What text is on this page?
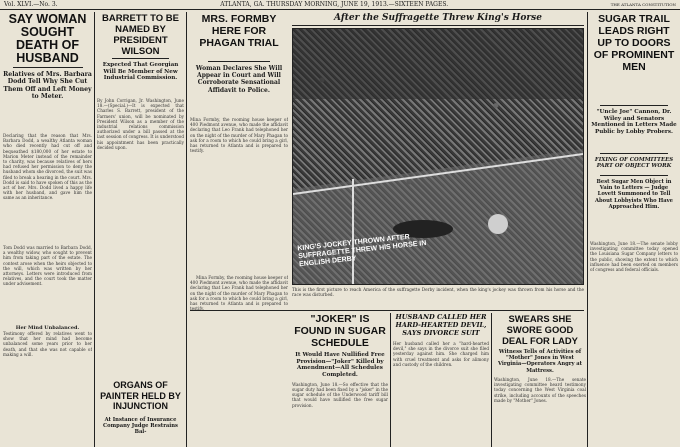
Vol. XLVI.—No. 3.	ATLANTA, GA. THURSDAY MORNING, JUNE 19, 1913.—SIXTEEN PAGES.	THE ATLANTA CONSTITUTION
SAY WOMAN SOUGHT DEATH OF HUSBAND
Relatives of Mrs. Barbara Dodd Tell Why She Cut Them Off and Left Money to Meter.
Declaring that the reason that Mrs. Barbara Dodd, a wealthy Atlanta woman who died recently had cut off and bequeathed $180,000 of her estate to Marion Meter instead of the remainder to charity, was because relatives of hers had refused her permission to deny the husband whom she divorced, the suit was filed to break a hearing in the court. Mrs. Dodd is said to have spoken of this as the act of her. Mrs. Dodd lived a happy life with her husband, and gave him the same as an inheritance.
Tom Dodd was married to Barbara Dodd, a wealthy widow, who sought to prevent him from taking part of the estate. The contest arose when the heirs objected to the will, which was written by her attorneys. Letters were introduced from relatives, and the court took the matter under advisement.
Her Mind Unbalanced.
Testimony offered by relatives went to show that her mind had become unbalanced some years prior to her death, and that she was not capable of making a will.
BARRETT TO BE NAMED BY PRESIDENT WILSON
Expected That Georgian Will Be Member of New Industrial Commission.
By John Corrigan, Jr. Washington, June 18.—(Special.)—It is expected that Charles S. Barrett, president of the Farmers' union, will be nominated by President Wilson as a member of the industrial relations commission authorized under a bill passed at the last session of congress. It is understood his appointment has been practically decided upon.
ORGANS OF PAINTER HELD BY INJUNCTION
At Instance of Insurance Company Judge Restrains Bal-
MRS. FORMBY HERE FOR PHAGAN TRIAL
Woman Declares She Will Appear in Court and Will Corroborate Sensational Affidavit to Police.
Mina Formby, the rooming house keeper of 400 Piedmont avenue, who made the affidavit declaring that Leo Frank had telephoned her on the night of the murder of Mary Phagan to ask for a room to which he could bring a girl, has returned to Atlanta and is prepared to testify.
After the Suffragette Threw King's Horse
KING'S JOCKEY THROWN AFTER SUFFRAGETTE THREW HIS HORSE IN ENGLISH DERBY
This is the first picture to reach America of the suffragette Derby incident, when the king's jockey was thrown from his horse and the race was disturbed.

Mina Formby, the rooming house keeper of 400 Piedmont avenue, who made the affidavit declaring that Leo Frank had telephoned her on the night of the murder of Mary Phagan to ask for a room to which he could bring a girl, has returned to Atlanta and is prepared to testify.

"JOKER" IS FOUND IN SUGAR SCHEDULE
It Would Have Nullified Free Provision—"Joker" Killed by Amendment—All Schedules Completed.
Washington, June 18.—So effective that the sugar duty had been fixed by a "joker" in the sugar schedule of the Underwood tariff bill that would have nullified the free sugar provision.
HUSBAND CALLED HER HARD-HEARTED DEVIL, SAYS DIVORCE SUIT
Her husband called her a "hard-hearted devil," she says in the divorce suit she filed yesterday against him. She charged him with cruel treatment and asks for alimony and custody of the children.
SWEARS SHE SWORE GOOD DEAL FOR LADY
Witness Tells of Activities of "Mother" Jones in West Virginia—Operators Angry at Mattress.
Washington, June 18.—The senate investigating committee heard testimony today concerning the West Virginia coal strike, including accounts of the speeches made by "Mother" Jones.
SUGAR TRAIL LEADS RIGHT UP TO DOORS OF PROMINENT MEN
"Uncle Joe" Cannon, Dr. Wiley and Senators Mentioned in Letters Made Public by Lobby Probers.
FIXING OF COMMITTEES PART OF OBJECT WORK
Best Sugar Men Object in Vain to Letters — Judge Lovett Summoned to Tell About Lobbyists Who Have Approached Him.
Washington, June 18.—The senate lobby investigating committee today opened the Louisiana Sugar Company letters to the public, showing the extent to which influence had been exerted on members of congress and federal officials.
